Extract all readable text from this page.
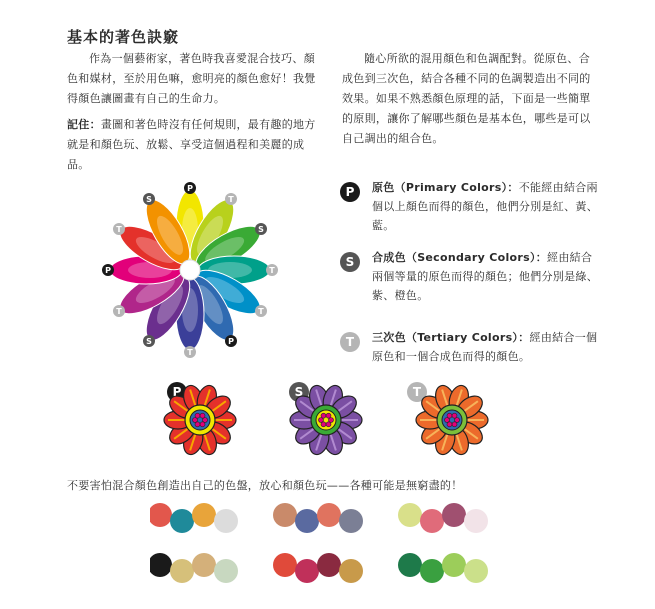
基本的著色訣竅
作為一個藝術家，著色時我喜愛混合技巧、顏色和媒材，至於用色嘛，愈明亮的顏色愈好！我覺得顏色讓圖畫有自己的生命力。
記住：畫圖和著色時沒有任何規則，最有趣的地方就是和顏色玩、放鬆、享受這個過程和美麗的成品。
隨心所欲的混用顏色和色調配對。從原色、合成色到三次色，結合各種不同的色調製造出不同的效果。如果不熟悉顏色原理的話，下面是一些簡單的原則，讓你了解哪些顏色是基本色，哪些是可以自己調出的組合色。
P
T
S
T
T
P
T
S
T
P
T
S
P	原色（Primary Colors）：不能經由結合兩個以上顏色而得的顏色，他們分別是紅、黃、藍。
S	合成色（Secondary Colors）：經由結合兩個等量的原色而得的顏色；他們分別是綠、紫、橙色。
T	三次色（Tertiary Colors）：經由結合一個原色和一個合成色而得的顏色。
P	S	T
不要害怕混合顏色創造出自己的色盤，放心和顏色玩——各種可能是無窮盡的！
